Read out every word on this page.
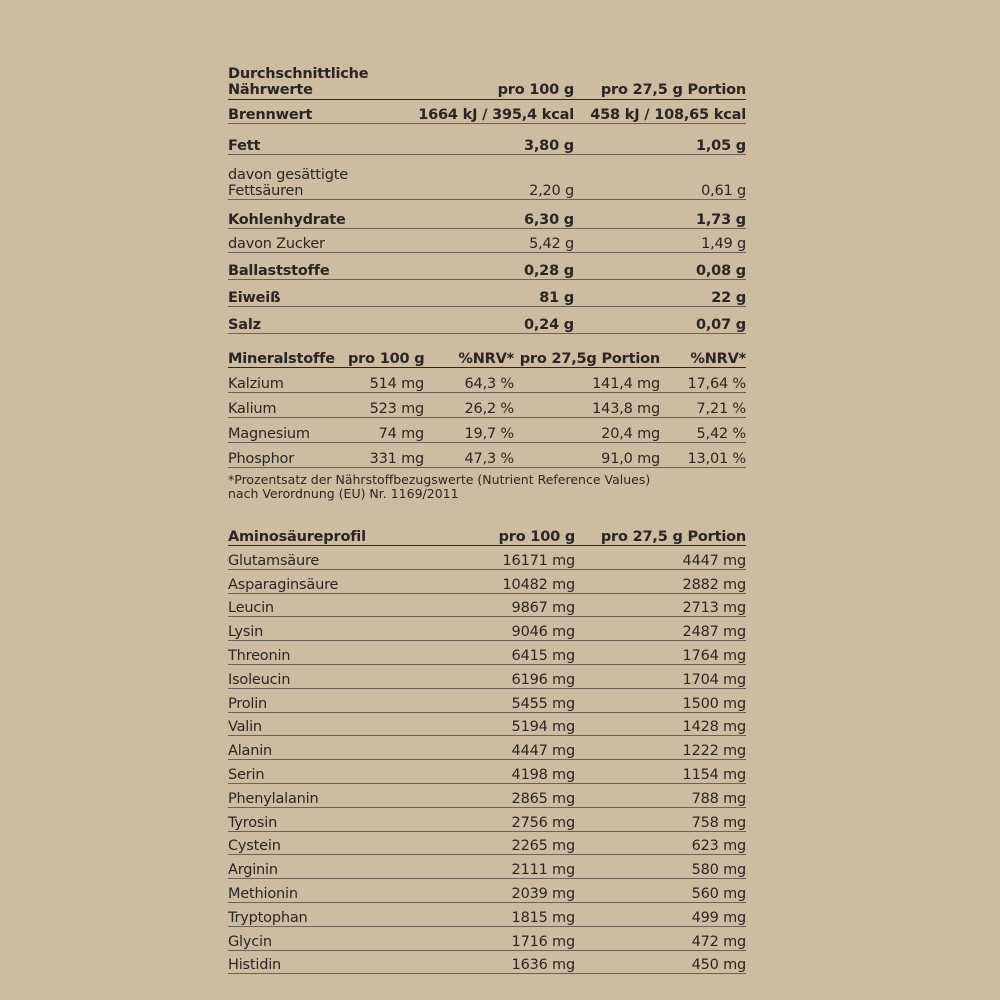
Durchschnittliche
Nährwerte	pro 100 g	pro 27,5 g Portion
Brennwert	1664 kJ / 395,4 kcal	458 kJ / 108,65 kcal
Fett	3,80 g	1,05 g
davon gesättigte Fettsäuren	2,20 g	0,61 g
Kohlenhydrate	6,30 g	1,73 g
davon Zucker	5,42 g	1,49 g
Ballaststoffe	0,28 g	0,08 g
Eiweiß	81 g	22 g
Salz	0,24 g	0,07 g
Mineralstoffe	pro 100 g	%NRV*	pro 27,5g Portion	%NRV*
Kalzium	514 mg	64,3 %	141,4 mg	17,64 %
Kalium	523 mg	26,2 %	143,8 mg	7,21 %
Magnesium	74 mg	19,7 %	20,4 mg	5,42 %
Phosphor	331 mg	47,3 %	91,0 mg	13,01 %
*Prozentsatz der Nährstoffbezugswerte (Nutrient Reference Values)
nach Verordnung (EU) Nr. 1169/2011
Aminosäureprofil	pro 100 g	pro 27,5 g Portion
Glutamsäure	16171 mg	4447 mg
Asparaginsäure	10482 mg	2882 mg
Leucin	9867 mg	2713 mg
Lysin	9046 mg	2487 mg
Threonin	6415 mg	1764 mg
Isoleucin	6196 mg	1704 mg
Prolin	5455 mg	1500 mg
Valin	5194 mg	1428 mg
Alanin	4447 mg	1222 mg
Serin	4198 mg	1154 mg
Phenylalanin	2865 mg	788 mg
Tyrosin	2756 mg	758 mg
Cystein	2265 mg	623 mg
Arginin	2111 mg	580 mg
Methionin	2039 mg	560 mg
Tryptophan	1815 mg	499 mg
Glycin	1716 mg	472 mg
Histidin	1636 mg	450 mg
